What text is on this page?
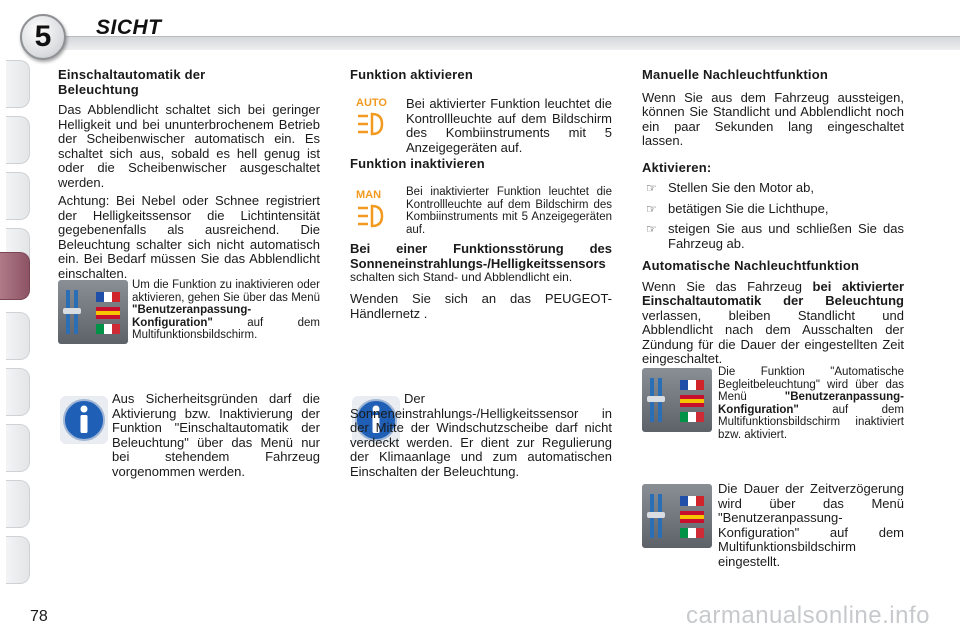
5	SICHT
Einschaltautomatik der Beleuchtung
Das Abblendlicht schaltet sich bei geringer Helligkeit und bei ununterbrochenem Betrieb der Scheibenwischer automatisch ein. Es schaltet sich aus, sobald es hell genug ist oder die Scheibenwischer ausgeschaltet werden.
Achtung: Bei Nebel oder Schnee registriert der Helligkeitssensor die Lichtintensität gegebenenfalls als ausreichend. Die Beleuchtung schalter sich nicht automatisch ein. Bei Bedarf müssen Sie das Abblendlicht einschalten.
Um die Funktion zu inaktivieren oder aktivieren, gehen Sie über das Menü "Benutzeranpassung-Konfiguration" auf dem Multifunktionsbildschirm.
Aus Sicherheitsgründen darf die Aktivierung bzw. Inaktivierung der Funktion "Einschaltautomatik der Beleuchtung" über das Menü nur bei stehendem Fahrzeug vorgenommen werden.
Funktion aktivieren
AUTO Bei aktivierter Funktion leuchtet die Kontrollleuchte auf dem Bildschirm des Kombiinstruments mit 5 Anzeigegeräten auf.
Funktion inaktivieren
MAN Bei inaktivierter Funktion leuchtet die Kontrollleuchte auf dem Bildschirm des Kombiinstruments mit 5 Anzeigegeräten auf.
Bei einer Funktionsstörung des Sonneneinstrahlungs-/Helligkeitssensors
schalten sich Stand- und Abblendlicht ein.
Wenden Sie sich an das PEUGEOT-Händlernetz .
Der Sonneneinstrahlungs-/Helligkeitssensor in der Mitte der Windschutzscheibe darf nicht verdeckt werden. Er dient zur Regulierung der Klimaanlage und zum automatischen Einschalten der Beleuchtung.
Manuelle Nachleuchtfunktion
Wenn Sie aus dem Fahrzeug aussteigen, können Sie Standlicht und Abblendlicht noch ein paar Sekunden lang eingeschaltet lassen.
Aktivieren:
☞ Stellen Sie den Motor ab,
☞ betätigen Sie die Lichthupe,
☞ steigen Sie aus und schließen Sie das Fahrzeug ab.
Automatische Nachleuchtfunktion
Wenn Sie das Fahrzeug bei aktivierter Einschaltautomatik der Beleuchtung verlassen, bleiben Standlicht und Abblendlicht nach dem Ausschalten der Zündung für die Dauer der eingestellten Zeit eingeschaltet.
Die Funktion "Automatische Begleitbeleuchtung" wird über das Menü "Benutzeranpassung-Konfiguration" auf dem Multifunktionsbildschirm inaktiviert bzw. aktiviert.
Die Dauer der Zeitverzögerung wird über das Menü "Benutzeranpassung-Konfiguration" auf dem Multifunktionsbildschirm eingestellt.
78	carmanualsonline.info
